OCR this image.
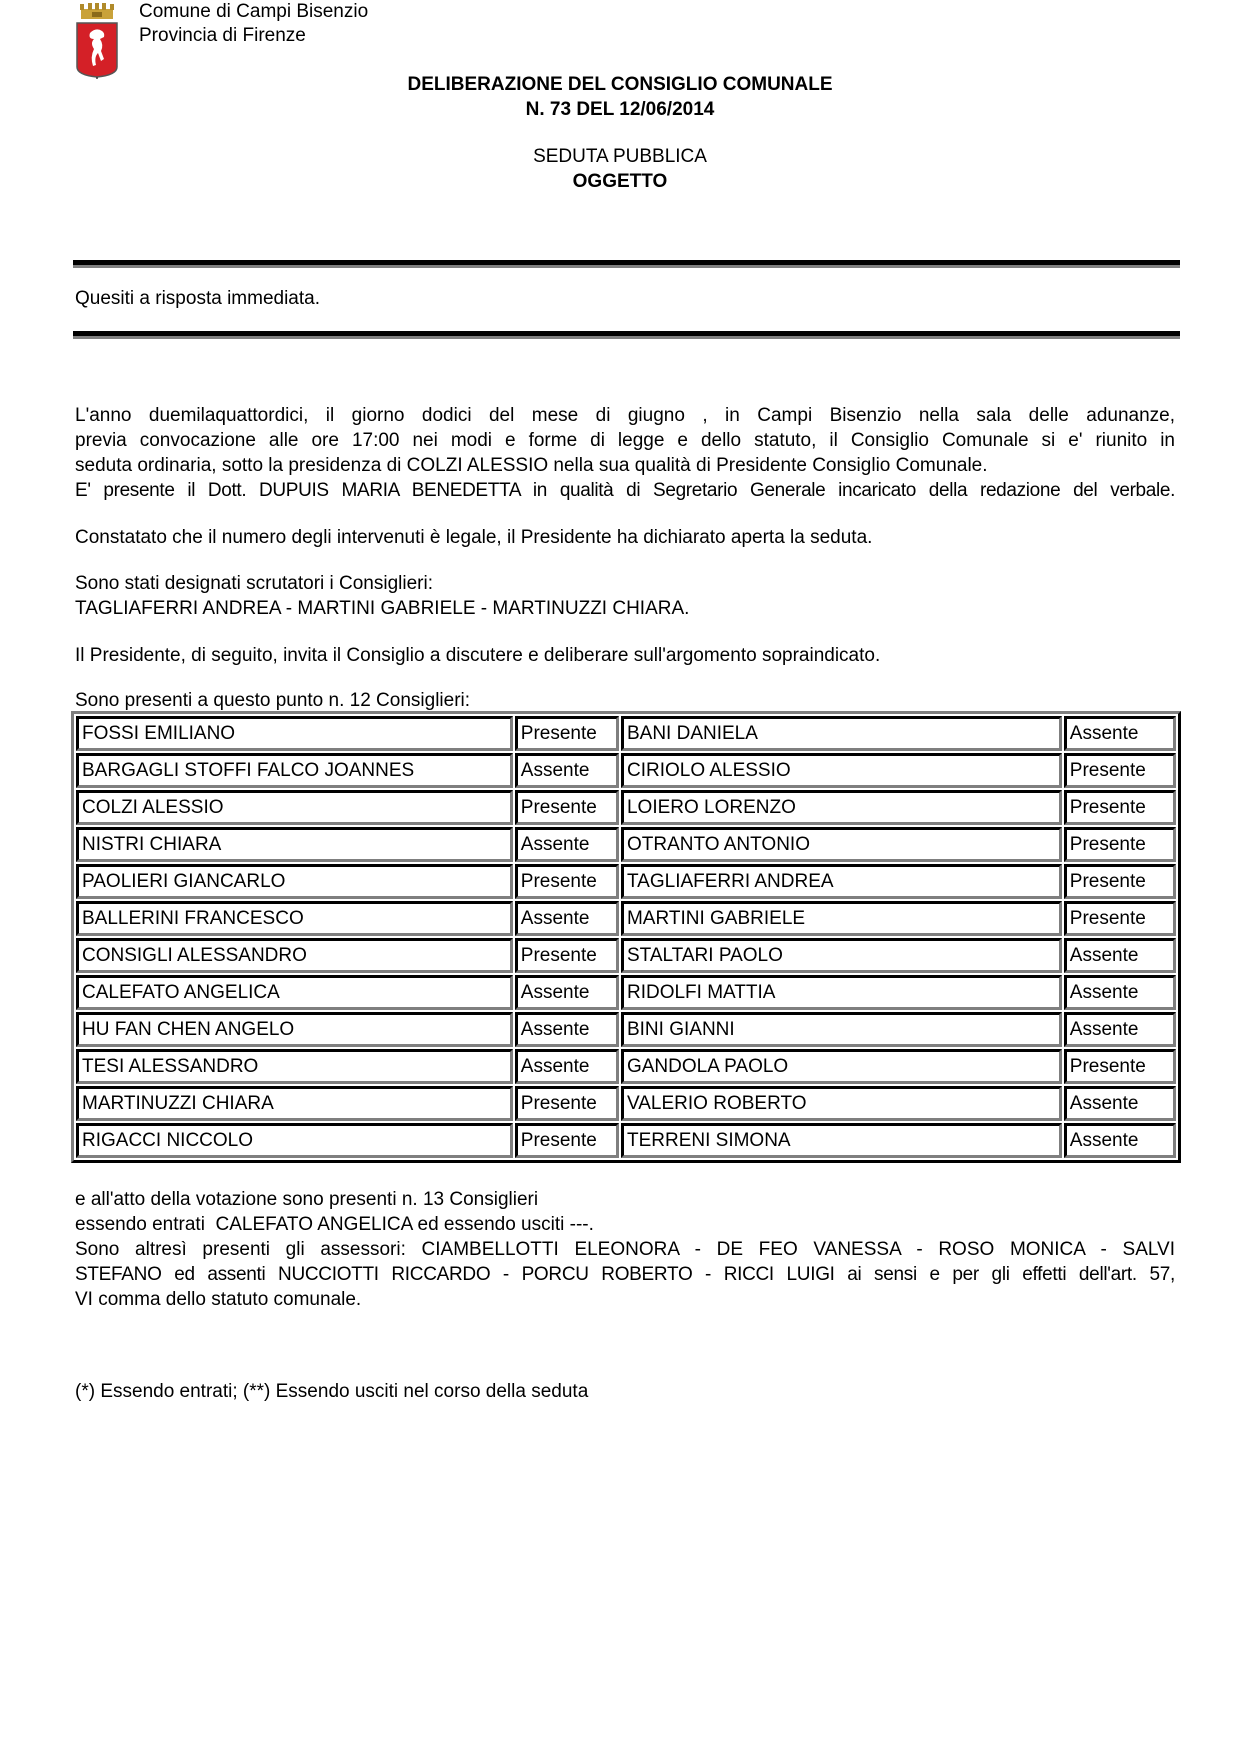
Comune di Campi Bisenzio
Provincia di Firenze
DELIBERAZIONE DEL CONSIGLIO COMUNALE
N. 73 DEL 12/06/2014
SEDUTA PUBBLICA
OGGETTO
Quesiti a risposta immediata.
L'anno duemilaquattordici, il giorno dodici del mese di giugno , in Campi Bisenzio nella sala delle adunanze,
previa convocazione alle ore 17:00 nei modi e forme di legge e dello statuto, il Consiglio Comunale si e' riunito in
seduta ordinaria, sotto la presidenza di COLZI ALESSIO nella sua qualità di Presidente Consiglio Comunale.
E' presente il Dott. DUPUIS MARIA BENEDETTA in qualità di Segretario Generale incaricato della redazione del verbale.
Constatato che il numero degli intervenuti è legale, il Presidente ha dichiarato aperta la seduta.
Sono stati designati scrutatori i Consiglieri:
TAGLIAFERRI ANDREA - MARTINI GABRIELE - MARTINUZZI CHIARA.
Il Presidente, di seguito, invita il Consiglio a discutere e deliberare sull'argomento sopraindicato.
Sono presenti a questo punto n. 12 Consiglieri:
FOSSI EMILIANO	Presente	BANI DANIELA	Assente
BARGAGLI STOFFI FALCO JOANNES	Assente	CIRIOLO ALESSIO	Presente
COLZI ALESSIO	Presente	LOIERO LORENZO	Presente
NISTRI CHIARA	Assente	OTRANTO ANTONIO	Presente
PAOLIERI GIANCARLO	Presente	TAGLIAFERRI ANDREA	Presente
BALLERINI FRANCESCO	Assente	MARTINI GABRIELE	Presente
CONSIGLI ALESSANDRO	Presente	STALTARI PAOLO	Assente
CALEFATO ANGELICA	Assente	RIDOLFI MATTIA	Assente
HU FAN CHEN ANGELO	Assente	BINI GIANNI	Assente
TESI ALESSANDRO	Assente	GANDOLA PAOLO	Presente
MARTINUZZI CHIARA	Presente	VALERIO ROBERTO	Assente
RIGACCI NICCOLO	Presente	TERRENI SIMONA	Assente
e all'atto della votazione sono presenti n. 13 Consiglieri
essendo entrati  CALEFATO ANGELICA ed essendo usciti ---.
Sono altresì presenti gli assessori: CIAMBELLOTTI ELEONORA - DE FEO VANESSA - ROSO MONICA - SALVI
STEFANO ed assenti NUCCIOTTI RICCARDO - PORCU ROBERTO - RICCI LUIGI ai sensi e per gli effetti dell'art. 57,
VI comma dello statuto comunale.
(*) Essendo entrati; (**) Essendo usciti nel corso della seduta
